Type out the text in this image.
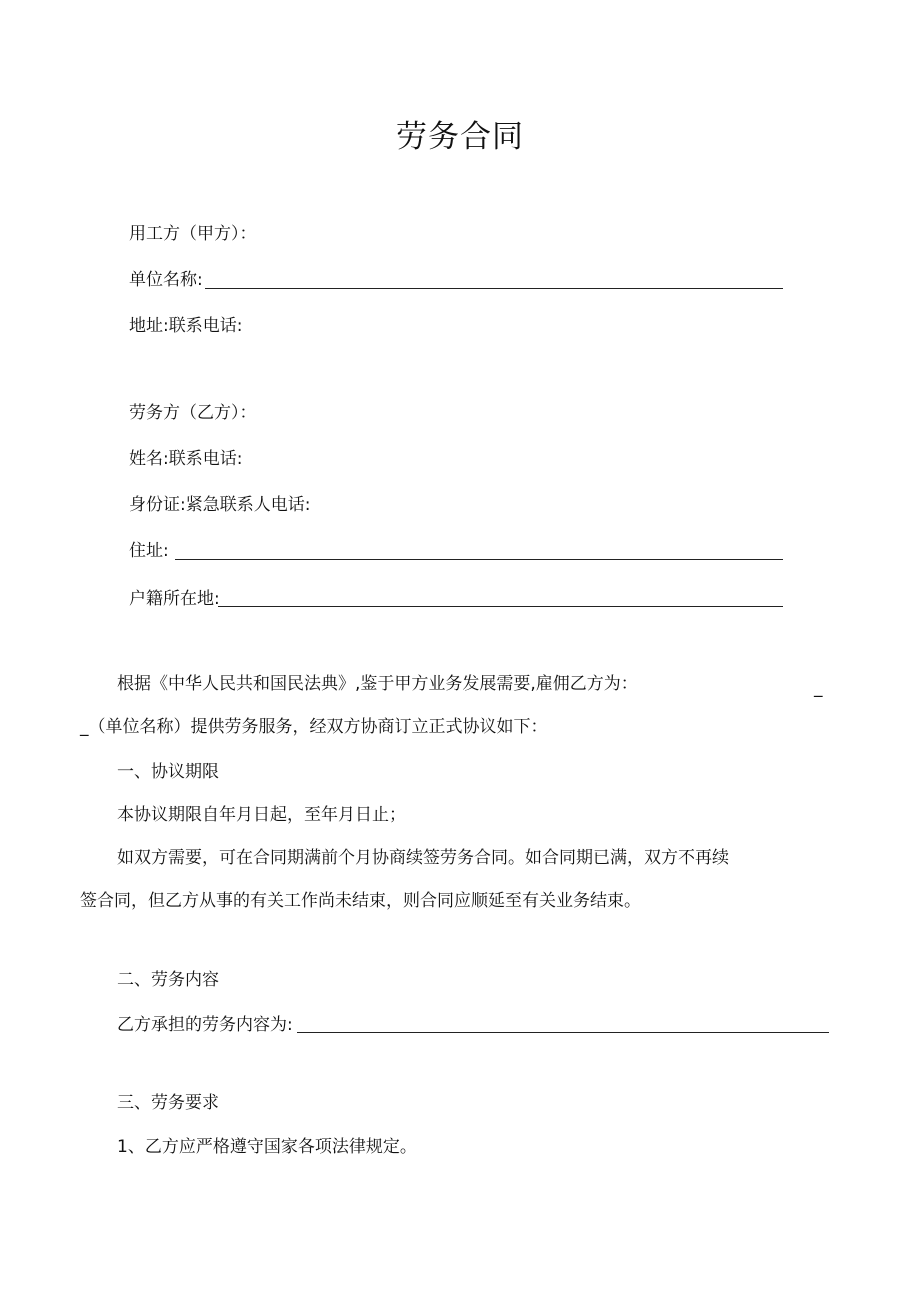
劳务合同
用工方（甲方）：
单位名称:
地址:联系电话:
劳务方（乙方）：
姓名:联系电话:
身份证:紧急联系人电话:
住址:
户籍所在地:
根据《中华人民共和国民法典》,鉴于甲方业务发展需要,雇佣乙方为：	_
_（单位名称）提供劳务服务，经双方协商订立正式协议如下：
一、协议期限
本协议期限自年月日起，至年月日止；
如双方需要，可在合同期满前个月协商续签劳务合同。如合同期已满，双方不再续
签合同，但乙方从事的有关工作尚未结束，则合同应顺延至有关业务结束。
二、劳务内容
乙方承担的劳务内容为:
三、劳务要求
1、乙方应严格遵守国家各项法律规定。
